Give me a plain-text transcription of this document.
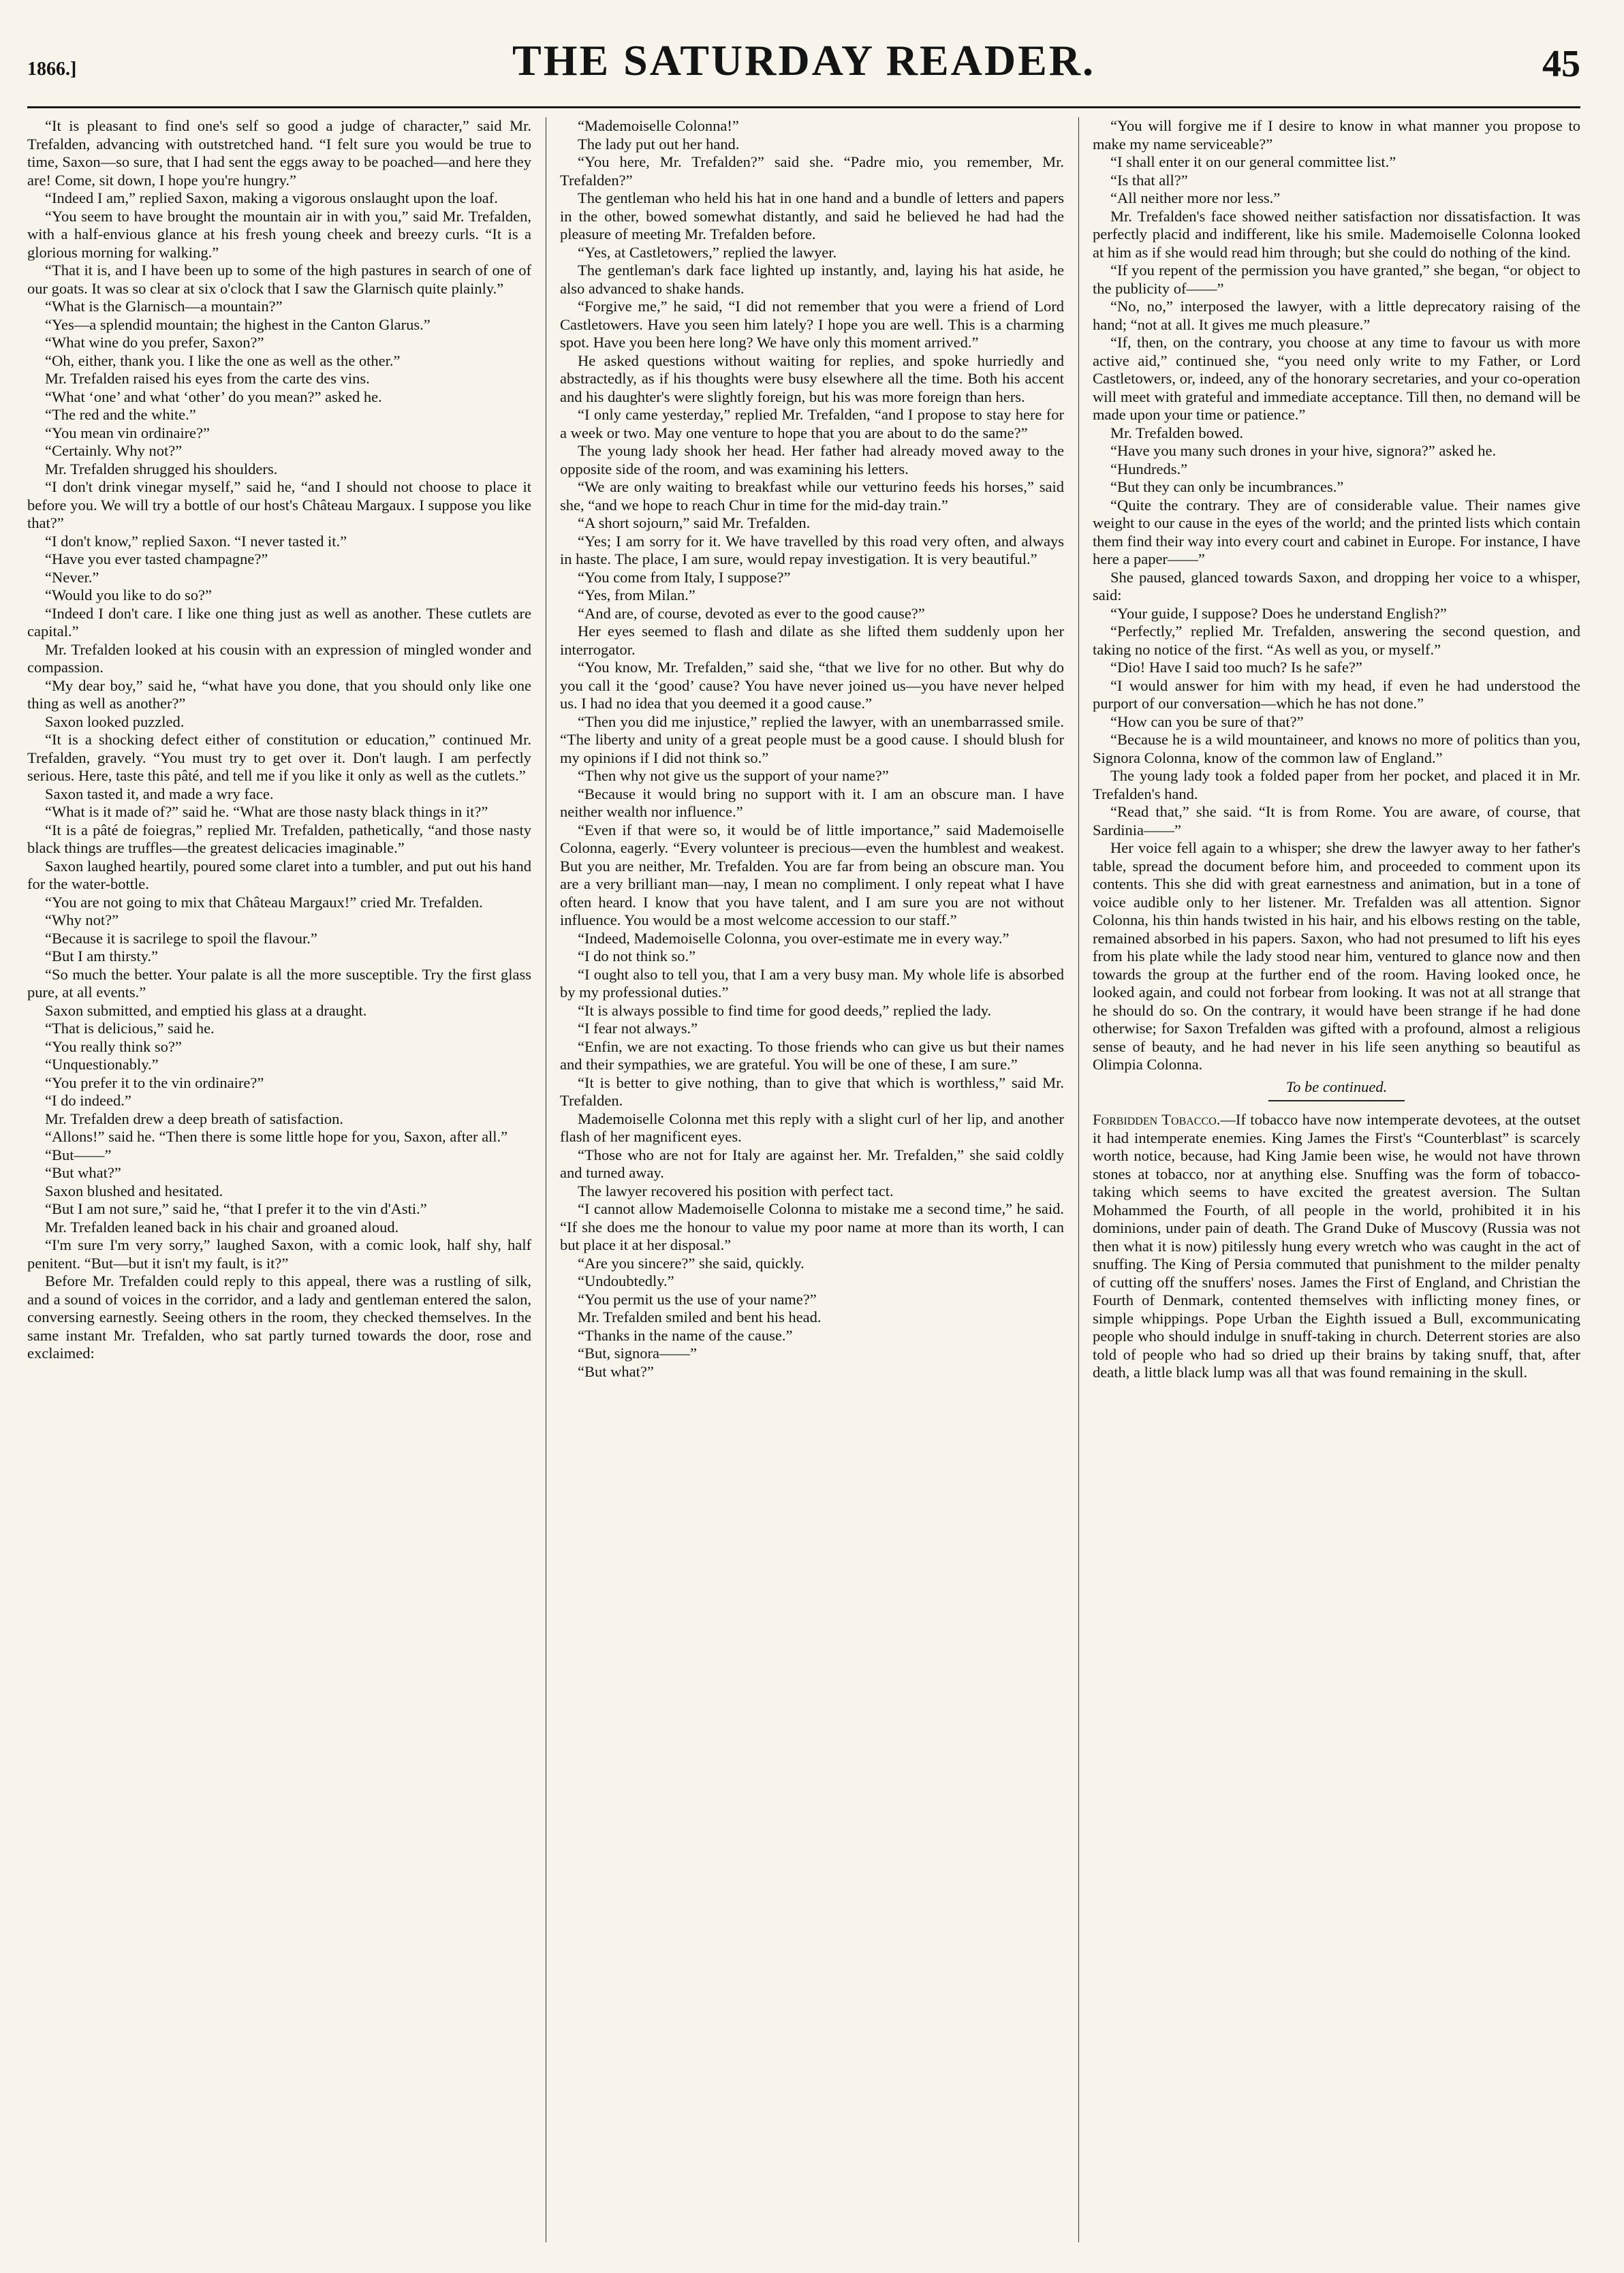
1866.]	THE SATURDAY READER.	45

“It is pleasant to find one's self so good a judge of character,” said Mr. Trefalden, advancing with outstretched hand. “I felt sure you would be true to time, Saxon—so sure, that I had sent the eggs away to be poached—and here they are! Come, sit down, I hope you're hungry.”

“Indeed I am,” replied Saxon, making a vigorous onslaught upon the loaf.

“You seem to have brought the mountain air in with you,” said Mr. Trefalden, with a half-envious glance at his fresh young cheek and breezy curls. “It is a glorious morning for walking.”

“That it is, and I have been up to some of the high pastures in search of one of our goats. It was so clear at six o'clock that I saw the Glarnisch quite plainly.”

“What is the Glarnisch—a mountain?”

“Yes—a splendid mountain; the highest in the Canton Glarus.”

“What wine do you prefer, Saxon?”

“Oh, either, thank you. I like the one as well as the other.”

Mr. Trefalden raised his eyes from the carte des vins.

“What ‘one’ and what ‘other’ do you mean?” asked he.

“The red and the white.”

“You mean vin ordinaire?”

“Certainly. Why not?”

Mr. Trefalden shrugged his shoulders.

“I don't drink vinegar myself,” said he, “and I should not choose to place it before you. We will try a bottle of our host's Château Margaux. I suppose you like that?”

“I don't know,” replied Saxon. “I never tasted it.”

“Have you ever tasted champagne?”

“Never.”

“Would you like to do so?”

“Indeed I don't care. I like one thing just as well as another. These cutlets are capital.”

Mr. Trefalden looked at his cousin with an expression of mingled wonder and compassion.

“My dear boy,” said he, “what have you done, that you should only like one thing as well as another?”

Saxon looked puzzled.

“It is a shocking defect either of constitution or education,” continued Mr. Trefalden, gravely. “You must try to get over it. Don't laugh. I am perfectly serious. Here, taste this pâté, and tell me if you like it only as well as the cutlets.”

Saxon tasted it, and made a wry face.

“What is it made of?” said he. “What are those nasty black things in it?”

“It is a pâté de foiegras,” replied Mr. Trefalden, pathetically, “and those nasty black things are truffles—the greatest delicacies imaginable.”

Saxon laughed heartily, poured some claret into a tumbler, and put out his hand for the water-bottle.

“You are not going to mix that Château Margaux!” cried Mr. Trefalden.

“Why not?”

“Because it is sacrilege to spoil the flavour.”

“But I am thirsty.”

“So much the better. Your palate is all the more susceptible. Try the first glass pure, at all events.”

Saxon submitted, and emptied his glass at a draught.

“That is delicious,” said he.

“You really think so?”

“Unquestionably.”

“You prefer it to the vin ordinaire?”

“I do indeed.”

Mr. Trefalden drew a deep breath of satisfaction.

“Allons!” said he. “Then there is some little hope for you, Saxon, after all.”

“But——”

“But what?”

Saxon blushed and hesitated.

“But I am not sure,” said he, “that I prefer it to the vin d'Asti.”

Mr. Trefalden leaned back in his chair and groaned aloud.

“I'm sure I'm very sorry,” laughed Saxon, with a comic look, half shy, half penitent. “But—but it isn't my fault, is it?”

Before Mr. Trefalden could reply to this appeal, there was a rustling of silk, and a sound of voices in the corridor, and a lady and gentleman entered the salon, conversing earnestly. Seeing others in the room, they checked themselves. In the same instant Mr. Trefalden, who sat partly turned towards the door, rose and exclaimed:

“Mademoiselle Colonna!”

The lady put out her hand.

“You here, Mr. Trefalden?” said she. “Padre mio, you remember, Mr. Trefalden?”

The gentleman who held his hat in one hand and a bundle of letters and papers in the other, bowed somewhat distantly, and said he believed he had had the pleasure of meeting Mr. Trefalden before.

“Yes, at Castletowers,” replied the lawyer.

The gentleman's dark face lighted up instantly, and, laying his hat aside, he also advanced to shake hands.

“Forgive me,” he said, “I did not remember that you were a friend of Lord Castletowers. Have you seen him lately? I hope you are well. This is a charming spot. Have you been here long? We have only this moment arrived.”

He asked questions without waiting for replies, and spoke hurriedly and abstractedly, as if his thoughts were busy elsewhere all the time. Both his accent and his daughter's were slightly foreign, but his was more foreign than hers.

“I only came yesterday,” replied Mr. Trefalden, “and I propose to stay here for a week or two. May one venture to hope that you are about to do the same?”

The young lady shook her head. Her father had already moved away to the opposite side of the room, and was examining his letters.

“We are only waiting to breakfast while our vetturino feeds his horses,” said she, “and we hope to reach Chur in time for the mid-day train.”

“A short sojourn,” said Mr. Trefalden.

“Yes; I am sorry for it. We have travelled by this road very often, and always in haste. The place, I am sure, would repay investigation. It is very beautiful.”

“You come from Italy, I suppose?”

“Yes, from Milan.”

“And are, of course, devoted as ever to the good cause?”

Her eyes seemed to flash and dilate as she lifted them suddenly upon her interrogator.

“You know, Mr. Trefalden,” said she, “that we live for no other. But why do you call it the ‘good’ cause? You have never joined us—you have never helped us. I had no idea that you deemed it a good cause.”

“Then you did me injustice,” replied the lawyer, with an unembarrassed smile. “The liberty and unity of a great people must be a good cause. I should blush for my opinions if I did not think so.”

“Then why not give us the support of your name?”

“Because it would bring no support with it. I am an obscure man. I have neither wealth nor influence.”

“Even if that were so, it would be of little importance,” said Mademoiselle Colonna, eagerly. “Every volunteer is precious—even the humblest and weakest. But you are neither, Mr. Trefalden. You are far from being an obscure man. You are a very brilliant man—nay, I mean no compliment. I only repeat what I have often heard. I know that you have talent, and I am sure you are not without influence. You would be a most welcome accession to our staff.”

“Indeed, Mademoiselle Colonna, you over-estimate me in every way.”

“I do not think so.”

“I ought also to tell you, that I am a very busy man. My whole life is absorbed by my professional duties.”

“It is always possible to find time for good deeds,” replied the lady.

“I fear not always.”

“Enfin, we are not exacting. To those friends who can give us but their names and their sympathies, we are grateful. You will be one of these, I am sure.”

“It is better to give nothing, than to give that which is worthless,” said Mr. Trefalden.

Mademoiselle Colonna met this reply with a slight curl of her lip, and another flash of her magnificent eyes.

“Those who are not for Italy are against her. Mr. Trefalden,” she said coldly and turned away.

The lawyer recovered his position with perfect tact.

“I cannot allow Mademoiselle Colonna to mistake me a second time,” he said. “If she does me the honour to value my poor name at more than its worth, I can but place it at her disposal.”

“Are you sincere?” she said, quickly.

“Undoubtedly.”

“You permit us the use of your name?”

Mr. Trefalden smiled and bent his head.

“Thanks in the name of the cause.”

“But, signora——”

“But what?”

“You will forgive me if I desire to know in what manner you propose to make my name serviceable?”

“I shall enter it on our general committee list.”

“Is that all?”

“All neither more nor less.”

Mr. Trefalden's face showed neither satisfaction nor dissatisfaction. It was perfectly placid and indifferent, like his smile. Mademoiselle Colonna looked at him as if she would read him through; but she could do nothing of the kind.

“If you repent of the permission you have granted,” she began, “or object to the publicity of——”

“No, no,” interposed the lawyer, with a little deprecatory raising of the hand; “not at all. It gives me much pleasure.”

“If, then, on the contrary, you choose at any time to favour us with more active aid,” continued she, “you need only write to my Father, or Lord Castletowers, or, indeed, any of the honorary secretaries, and your co-operation will meet with grateful and immediate acceptance. Till then, no demand will be made upon your time or patience.”

Mr. Trefalden bowed.

“Have you many such drones in your hive, signora?” asked he.

“Hundreds.”

“But they can only be incumbrances.”

“Quite the contrary. They are of considerable value. Their names give weight to our cause in the eyes of the world; and the printed lists which contain them find their way into every court and cabinet in Europe. For instance, I have here a paper——”

She paused, glanced towards Saxon, and dropping her voice to a whisper, said:

“Your guide, I suppose? Does he understand English?”

“Perfectly,” replied Mr. Trefalden, answering the second question, and taking no notice of the first. “As well as you, or myself.”

“Dio! Have I said too much? Is he safe?”

“I would answer for him with my head, if even he had understood the purport of our conversation—which he has not done.”

“How can you be sure of that?”

“Because he is a wild mountaineer, and knows no more of politics than you, Signora Colonna, know of the common law of England.”

The young lady took a folded paper from her pocket, and placed it in Mr. Trefalden's hand.

“Read that,” she said. “It is from Rome. You are aware, of course, that Sardinia——”

Her voice fell again to a whisper; she drew the lawyer away to her father's table, spread the document before him, and proceeded to comment upon its contents. This she did with great earnestness and animation, but in a tone of voice audible only to her listener. Mr. Trefalden was all attention. Signor Colonna, his thin hands twisted in his hair, and his elbows resting on the table, remained absorbed in his papers. Saxon, who had not presumed to lift his eyes from his plate while the lady stood near him, ventured to glance now and then towards the group at the further end of the room. Having looked once, he looked again, and could not forbear from looking. It was not at all strange that he should do so. On the contrary, it would have been strange if he had done otherwise; for Saxon Trefalden was gifted with a profound, almost a religious sense of beauty, and he had never in his life seen anything so beautiful as Olimpia Colonna.

To be continued.

Forbidden Tobacco.—If tobacco have now intemperate devotees, at the outset it had intemperate enemies. King James the First's “Counterblast” is scarcely worth notice, because, had King Jamie been wise, he would not have thrown stones at tobacco, nor at anything else. Snuffing was the form of tobacco-taking which seems to have excited the greatest aversion. The Sultan Mohammed the Fourth, of all people in the world, prohibited it in his dominions, under pain of death. The Grand Duke of Muscovy (Russia was not then what it is now) pitilessly hung every wretch who was caught in the act of snuffing. The King of Persia commuted that punishment to the milder penalty of cutting off the snuffers' noses. James the First of England, and Christian the Fourth of Denmark, contented themselves with inflicting money fines, or simple whippings. Pope Urban the Eighth issued a Bull, excommunicating people who should indulge in snuff-taking in church. Deterrent stories are also told of people who had so dried up their brains by taking snuff, that, after death, a little black lump was all that was found remaining in the skull.
